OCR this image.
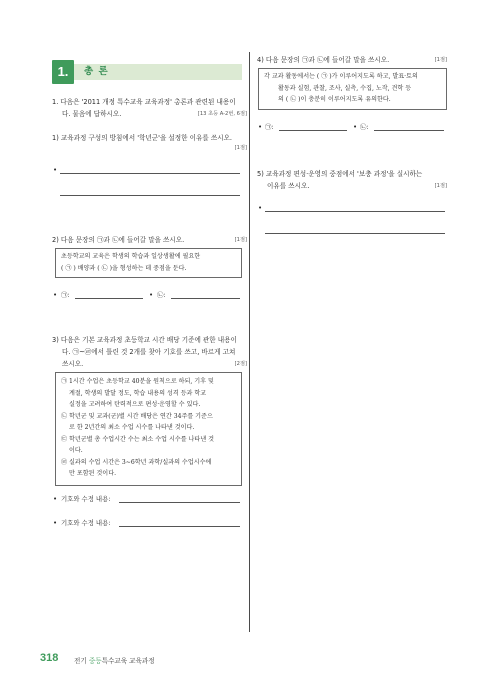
1.	총 론
1. 다음은 '2011 개정 특수교육 교육과정' 총론과 관련된 내용이
다. 물음에 답하시오.	[13 초등 A-2번, 6점]
1) 교육과정 구성의 방침에서 '학년군'을 설정한 이유를 쓰시오.
[1점]
•
2) 다음 문장의 ㉠과 ㉡에 들어갈 말을 쓰시오.	[1점]
초등학교의 교육은 학생의 학습과 일상생활에 필요한
( ㉠ ) 배양과 ( ㉡ )을 형성하는 데 중점을 둔다.
• ㉠:	• ㉡:
3) 다음은 기본 교육과정 초등학교 시간 배당 기준에 관한 내용이
다. ㉠~㉣에서 틀린 것 2개를 찾아 기호를 쓰고, 바르게 고쳐
쓰시오.	[2점]

㉠ 1시간 수업은 초등학교 40분을 원칙으로 하되, 기후 및
계절, 학생의 발달 정도, 학습 내용의 성격 등과 학교
실정을 고려하여 탄력적으로 편성·운영할 수 있다.

㉡ 학년군 및 교과(군)별 시간 배당은 연간 34주를 기준으
로 한 2년간의 최소 수업 시수를 나타낸 것이다.

㉢ 학년군별 총 수업시간 수는 최소 수업 시수를 나타낸 것
이다.

㉣ 실과의 수업 시간은 3~6학년 과학/실과의 수업시수에
만 포함된 것이다.

• 기호와 수정 내용:
• 기호와 수정 내용:
4) 다음 문장의 ㉠과 ㉡에 들어갈 말을 쓰시오.	[1점]
각 교과 활동에서는 ( ㉠ )가 이루어지도록 하고, 발표·토의
활동과 실험, 관찰, 조사, 실측, 수집, 노작, 견학 등
의 ( ㉡ )이 충분히 이루어지도록 유의한다.
• ㉠:	• ㉡:
5) 교육과정 편성·운영의 중점에서 '보충 과정'을 실시하는
이유를 쓰시오.	[1점]
•
318 전기 중등특수교육 교육과정
